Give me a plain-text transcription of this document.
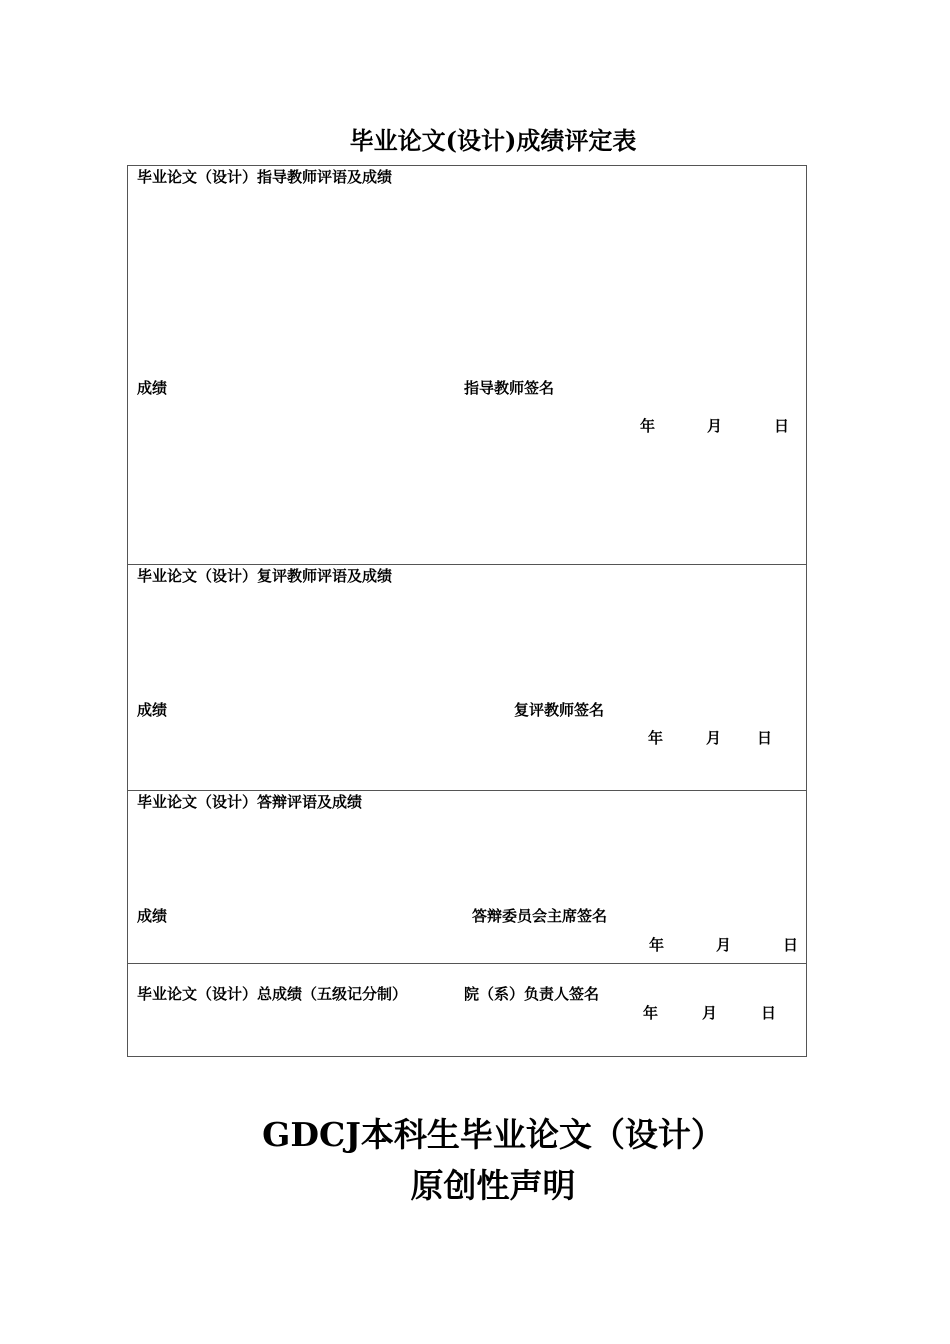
毕业论文(设计)成绩评定表
毕业论文（设计）指导教师评语及成绩
成绩	指导教师签名
年	月	日
毕业论文（设计）复评教师评语及成绩
成绩	复评教师签名
年	月 日
毕业论文（设计）答辩评语及成绩
成绩	答辩委员会主席签名
年	月	日
毕业论文（设计）总成绩（五级记分制）	院（系）负责人签名
年	月	日
GDCJ本科生毕业论文（设计）
原创性声明
